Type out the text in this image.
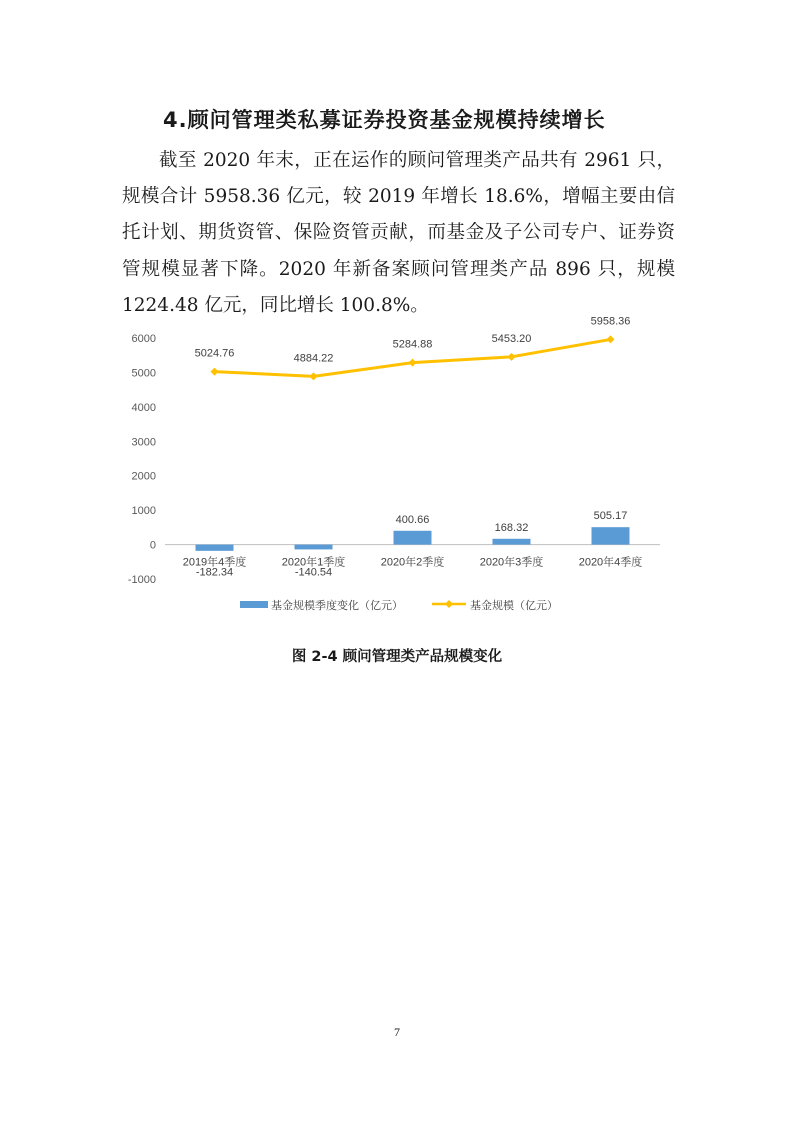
4.顾问管理类私募证券投资基金规模持续增长

截至 2020 年末，正在运作的顾问管理类产品共有 2961 只，规模合计 5958.36 亿元，较 2019 年增长 18.6%，增幅主要由信托计划、期货资管、保险资管贡献，而基金及子公司专户、证券资管规模显著下降。2020 年新备案顾问管理类产品 896 只，规模 1224.48 亿元，同比增长 100.8%。

6000
5000
4000
3000
2000
1000
0
-1000
-182.34	-140.54
400.66
168.32
505.17
2019年4季度	2020年1季度	2020年2季度	2020年3季度	2020年4季度
5024.76	4884.22
5284.88	5453.20
5958.36
基金规模季度变化（亿元）	基金规模（亿元）
图 2-4 顾问管理类产品规模变化
7
